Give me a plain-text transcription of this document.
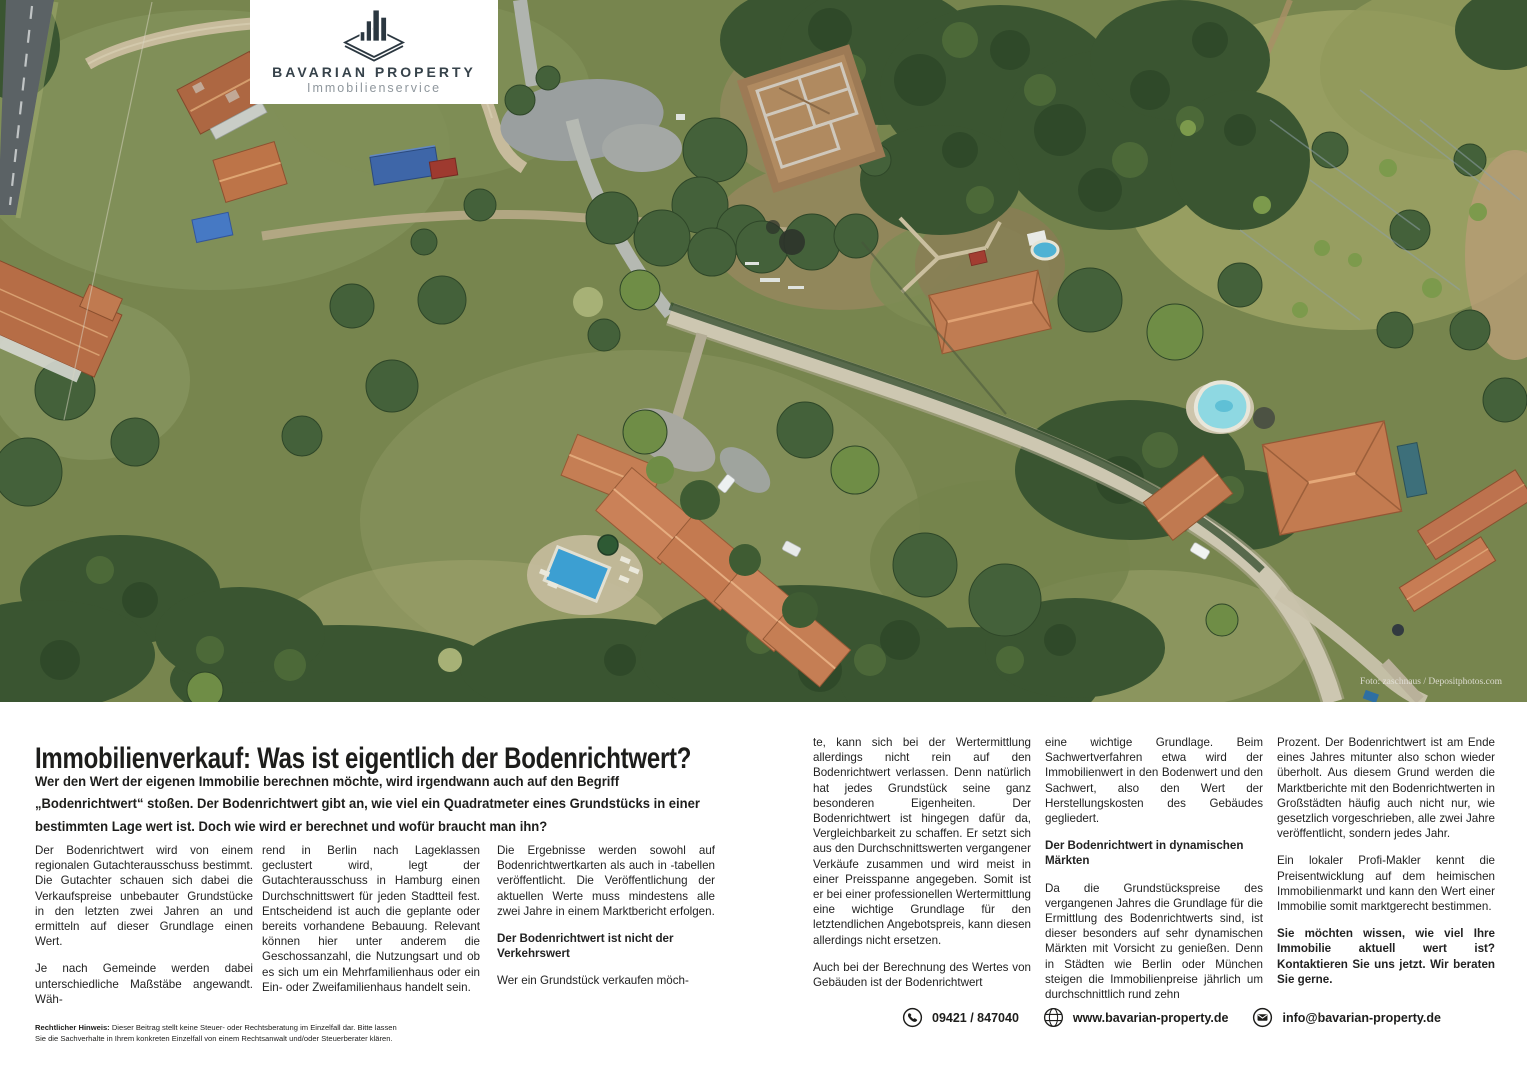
Foto: zaschnaus / Depositphotos.com
BAVARIAN PROPERTY
Immobilienservice
Immobilienverkauf: Was ist eigentlich der Bodenrichtwert?
Wer den Wert der eigenen Immobilie berechnen möchte, wird irgendwann auch auf den Begriff „Bodenrichtwert“ stoßen. Der Bodenrichtwert gibt an, wie viel ein Quadratmeter eines Grundstücks in einer bestimmten Lage wert ist. Doch wie wird er berechnet und wofür braucht man ihn?

Der Bodenrichtwert wird von einem regionalen Gutachterausschuss bestimmt. Die Gutachter schauen sich dabei die Verkaufspreise unbebauter Grundstücke in den letzten zwei Jahren an und ermitteln auf dieser Grundlage einen Wert.

Je nach Gemeinde werden dabei unterschiedliche Maßstäbe angewandt. Wäh-

rend in Berlin nach Lageklassen geclustert wird, legt der Gutachterausschuss in Hamburg einen Durchschnittswert für jeden Stadtteil fest. Entscheidend ist auch die geplante oder bereits vorhandene Bebauung. Relevant können hier unter anderem die Geschossanzahl, die Nutzungsart und ob es sich um ein Mehrfamilienhaus oder ein Ein- oder Zweifamilienhaus handelt sein.

Die Ergebnisse werden sowohl auf Bodenrichtwertkarten als auch in -tabellen veröffentlicht. Die Veröffentlichung der aktuellen Werte muss mindestens alle zwei Jahre in einem Marktbericht erfolgen.

Der Bodenrichtwert ist nicht der Verkehrswert

Wer ein Grundstück verkaufen möch-

te, kann sich bei der Wertermittlung allerdings nicht rein auf den Bodenrichtwert verlassen. Denn natürlich hat jedes Grundstück seine ganz besonderen Eigenheiten. Der Bodenrichtwert ist hingegen dafür da, Vergleichbarkeit zu schaffen. Er setzt sich aus den Durchschnittswerten vergangener Verkäufe zusammen und wird meist in einer Preisspanne angegeben. Somit ist er bei einer professionellen Wertermittlung eine wichtige Grundlage für den letztendlichen Angebotspreis, kann diesen allerdings nicht ersetzen.

Auch bei der Berechnung des Wertes von Gebäuden ist der Bodenrichtwert

eine wichtige Grundlage. Beim Sachwertverfahren etwa wird der Immobilienwert in den Bodenwert und den Sachwert, also den Wert der Herstellungskosten des Gebäudes gegliedert.

Der Bodenrichtwert in dynamischen Märkten

Da die Grundstückspreise des vergangenen Jahres die Grundlage für die Ermittlung des Bodenrichtwerts sind, ist dieser besonders auf sehr dynamischen Märkten mit Vorsicht zu genießen. Denn in Städten wie Berlin oder München steigen die Immobilienpreise jährlich um durchschnittlich rund zehn

Prozent. Der Bodenrichtwert ist am Ende eines Jahres mitunter also schon wieder überholt. Aus diesem Grund werden die Marktberichte mit den Bodenrichtwerten in Großstädten häufig auch nicht nur, wie gesetzlich vorgeschrieben, alle zwei Jahre veröffentlicht, sondern jedes Jahr.

Ein lokaler Profi-Makler kennt die Preisentwicklung auf dem heimischen Immobilienmarkt und kann den Wert einer Immobilie somit marktgerecht bestimmen.

Sie möchten wissen, wie viel Ihre Immobilie aktuell wert ist? Kontaktieren Sie uns jetzt. Wir beraten Sie gerne.

Rechtlicher Hinweis: Dieser Beitrag stellt keine Steuer- oder Rechtsberatung im Einzelfall dar. Bitte lassen Sie die Sachverhalte in Ihrem konkreten Einzelfall von einem Rechtsanwalt und/oder Steuerberater klären.
09421 / 847040	www.bavarian-property.de	info@bavarian-property.de
